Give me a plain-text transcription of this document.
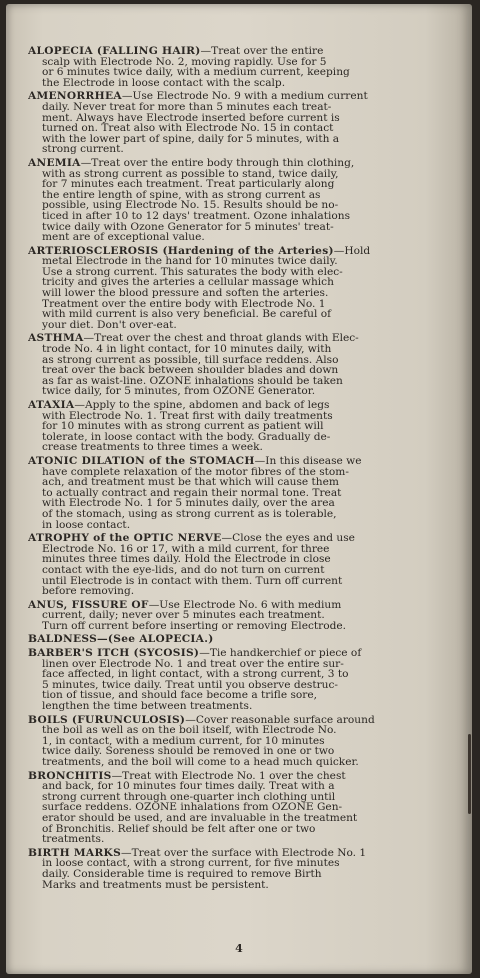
ALOPECIA (FALLING HAIR)—Treat over the entire
scalp with Electrode No. 2, moving rapidly. Use for 5
or 6 minutes twice daily, with a medium current, keeping
the Electrode in loose contact with the scalp.
AMENORRHEA—Use Electrode No. 9 with a medium current
daily. Never treat for more than 5 minutes each treat-
ment. Always have Electrode inserted before current is
turned on. Treat also with Electrode No. 15 in contact
with the lower part of spine, daily for 5 minutes, with a
strong current.
ANEMIA—Treat over the entire body through thin clothing,
with as strong current as possible to stand, twice daily,
for 7 minutes each treatment. Treat particularly along
the entire length of spine, with as strong current as
possible, using Electrode No. 15. Results should be no-
ticed in after 10 to 12 days' treatment. Ozone inhalations
twice daily with Ozone Generator for 5 minutes' treat-
ment are of exceptional value.
ARTERIOSCLEROSIS (Hardening of the Arteries)—Hold
metal Electrode in the hand for 10 minutes twice daily.
Use a strong current. This saturates the body with elec-
tricity and gives the arteries a cellular massage which
will lower the blood pressure and soften the arteries.
Treatment over the entire body with Electrode No. 1
with mild current is also very beneficial. Be careful of
your diet. Don't over-eat.
ASTHMA—Treat over the chest and throat glands with Elec-
trode No. 4 in light contact, for 10 minutes daily, with
as strong current as possible, till surface reddens. Also
treat over the back between shoulder blades and down
as far as waist-line. OZONE inhalations should be taken
twice daily, for 5 minutes, from OZONE Generator.
ATAXIA—Apply to the spine, abdomen and back of legs
with Electrode No. 1. Treat first with daily treatments
for 10 minutes with as strong current as patient will
tolerate, in loose contact with the body. Gradually de-
crease treatments to three times a week.
ATONIC DILATION of the STOMACH—In this disease we
have complete relaxation of the motor fibres of the stom-
ach, and treatment must be that which will cause them
to actually contract and regain their normal tone. Treat
with Electrode No. 1 for 5 minutes daily, over the area
of the stomach, using as strong current as is tolerable,
in loose contact.
ATROPHY of the OPTIC NERVE—Close the eyes and use
Electrode No. 16 or 17, with a mild current, for three
minutes three times daily. Hold the Electrode in close
contact with the eye-lids, and do not turn on current
until Electrode is in contact with them. Turn off current
before removing.
ANUS, FISSURE OF—Use Electrode No. 6 with medium
current, daily; never over 5 minutes each treatment.
Turn off current before inserting or removing Electrode.
BALDNESS—(See ALOPECIA.)
BARBER'S ITCH (SYCOSIS)—Tie handkerchief or piece of
linen over Electrode No. 1 and treat over the entire sur-
face affected, in light contact, with a strong current, 3 to
5 minutes, twice daily. Treat until you observe destruc-
tion of tissue, and should face become a trifle sore,
lengthen the time between treatments.
BOILS (FURUNCULOSIS)—Cover reasonable surface around
the boil as well as on the boil itself, with Electrode No.
1, in contact, with a medium current, for 10 minutes
twice daily. Soreness should be removed in one or two
treatments, and the boil will come to a head much quicker.
BRONCHITIS—Treat with Electrode No. 1 over the chest
and back, for 10 minutes four times daily. Treat with a
strong current through one-quarter inch clothing until
surface reddens. OZONE inhalations from OZONE Gen-
erator should be used, and are invaluable in the treatment
of Bronchitis. Relief should be felt after one or two
treatments.
BIRTH MARKS—Treat over the surface with Electrode No. 1
in loose contact, with a strong current, for five minutes
daily. Considerable time is required to remove Birth
Marks and treatments must be persistent.
4
